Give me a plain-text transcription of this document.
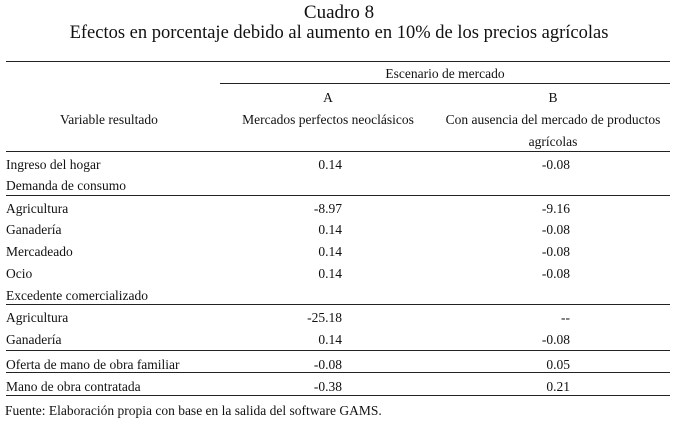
Cuadro 8
Efectos en porcentaje debido al aumento en 10% de los precios agrícolas
Escenario de mercado
A	B
Variable resultado	Mercados perfectos neoclásicos	Con ausencia del mercado de productos
agrícolas
Ingreso del hogar	0.14	-0.08
Demanda de consumo
Agricultura	-8.97	-9.16
Ganadería	0.14	-0.08
Mercadeado	0.14	-0.08
Ocio	0.14	-0.08
Excedente comercializado
Agricultura	-25.18	--
Ganadería	0.14	-0.08
Oferta de mano de obra familiar	-0.08	0.05
Mano de obra contratada	-0.38	0.21
Fuente: Elaboración propia con base en la salida del software GAMS.
